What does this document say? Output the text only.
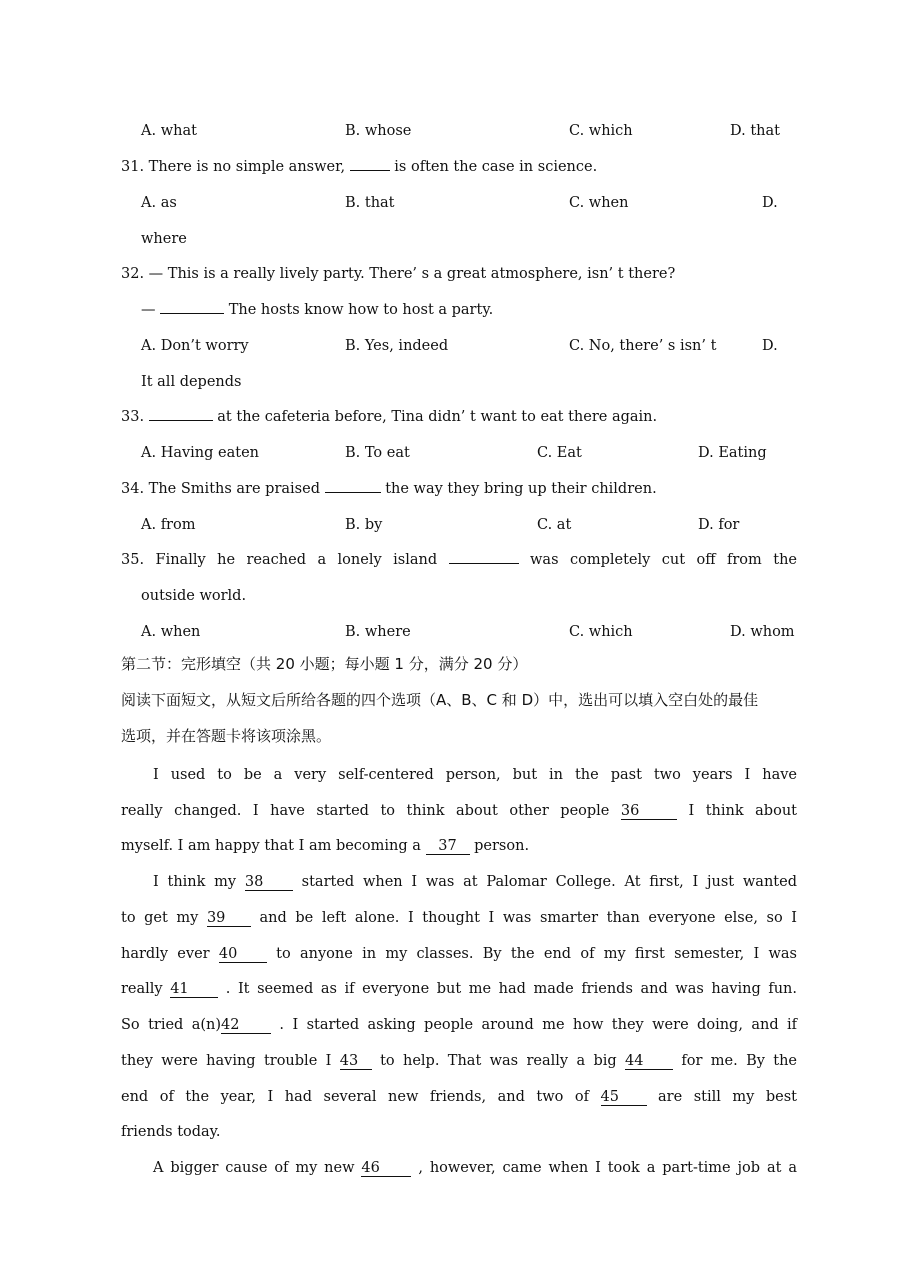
A. what	B. whose	C. which	D. that
31. There is no simple answer,	is often the case in science.
A. as	B. that	C. when	D.
where
32. — This is a really lively party. There’ s a great atmosphere, isn’ t there?
—	The hosts know how to host a party.
A. Don’t worry	B. Yes, indeed	C. No, there’ s isn’ t	D.
It all depends
33.	at the cafeteria before, Tina didn’ t want to eat there again.
A. Having eaten	B. To eat	C. Eat	D. Eating
34. The Smiths are praised	the way they bring up their children.
A. from	B. by	C. at	D. for
35. Finally he reached a lonely island	was completely cut off from the
outside world.
A. when	B. where	C. which	D. whom
第二节：完形填空（共 20 小题；每小题 1 分，满分 20 分）
阅读下面短文，从短文后所给各题的四个选项（A、B、C 和 D）中，选出可以填入空白处的最佳
选项，并在答题卡将该项涂黑。
I used to be a very self-centered person, but in the past two years I have
really changed. I have started to think about other people 36	I think about
myself. I am happy that I am becoming a 37 person.
I think my 38 started when I was at Palomar College. At first, I just wanted
to get my 39 and be left alone. I thought I was smarter than everyone else, so I
hardly ever 40 to anyone in my classes. By the end of my first semester, I was
really 41 . It seemed as if everyone but me had made friends and was having fun.
So tried a(n)42 . I started asking people around me how they were doing, and if
they were having trouble I 43 to help. That was really a big 44 for me. By the
end of the year, I had several new friends, and two of 45 are still my best
friends today.
A bigger cause of my new 46 , however, came when I took a part-time job at a
